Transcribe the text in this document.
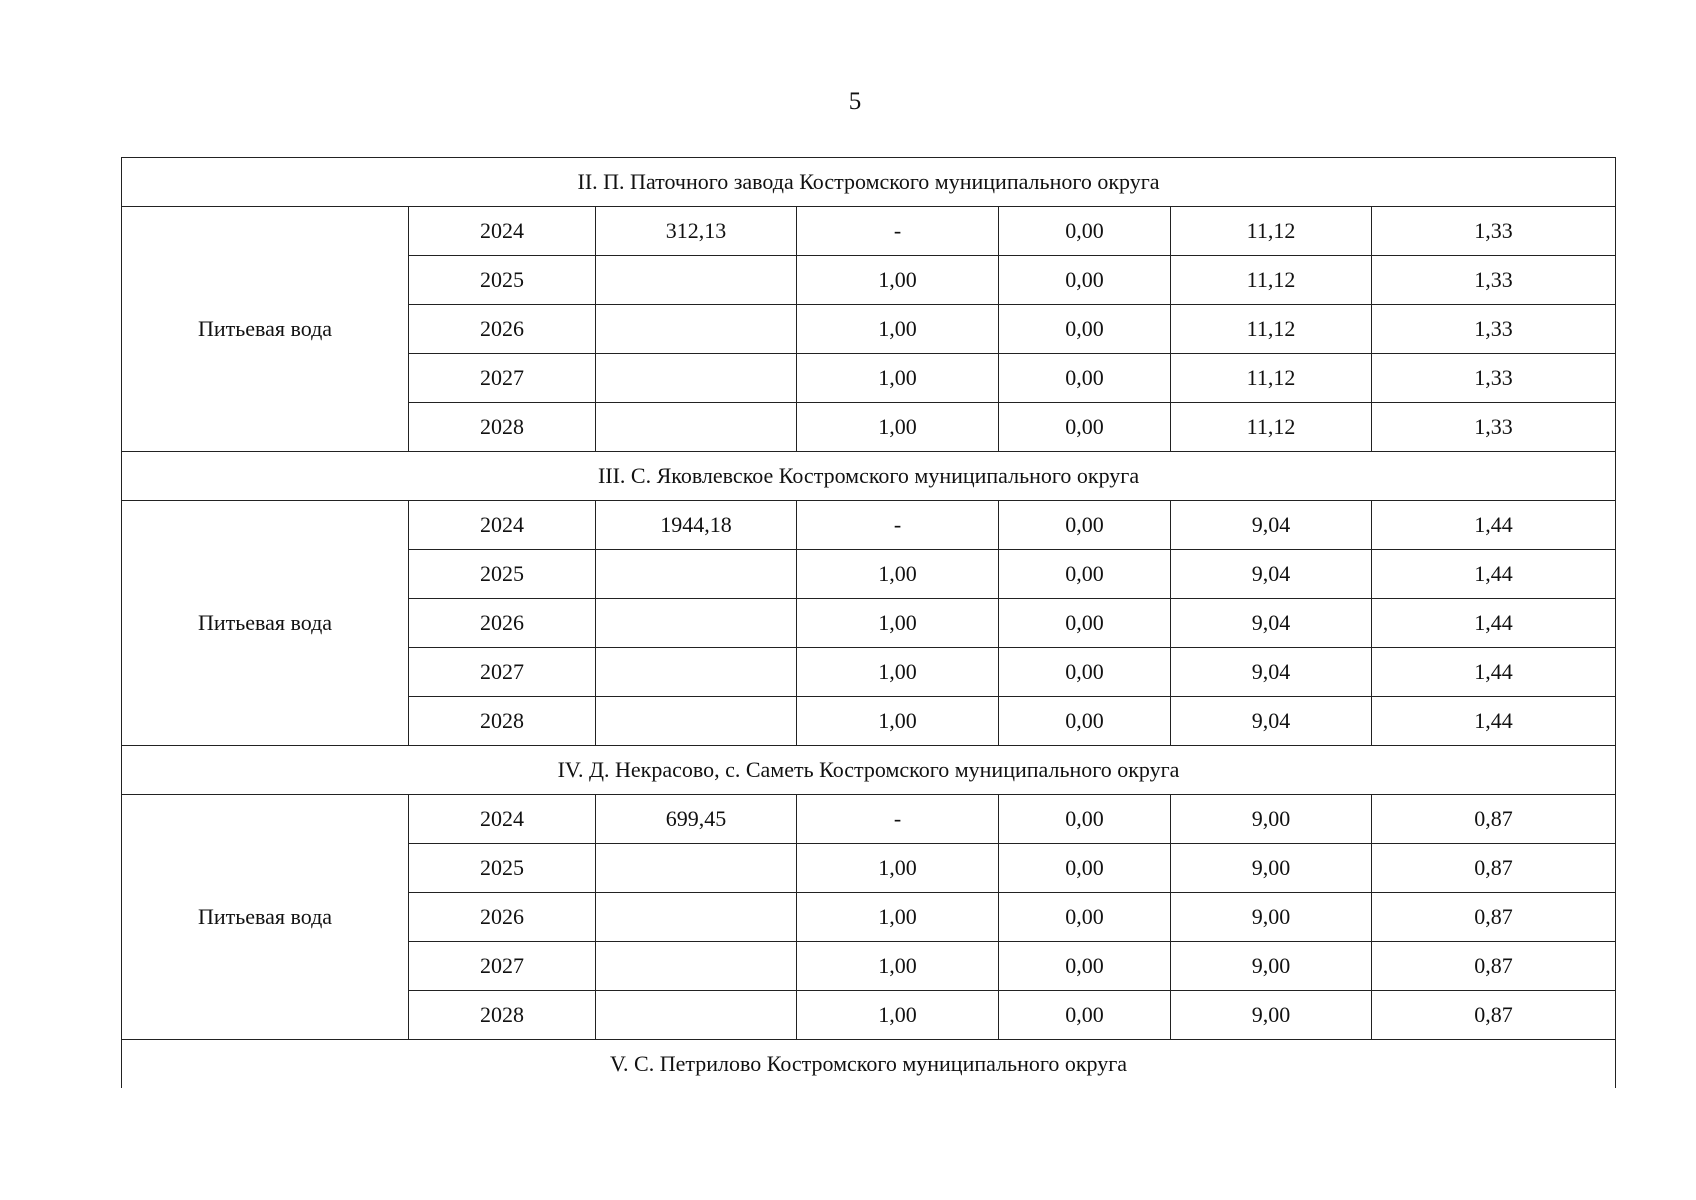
5
II. П. Паточного завода Костромского муниципального округа						
Питьевая вода	2024	312,13	-	0,00	11,12	1,33
	2025		1,00	0,00	11,12	1,33
	2026		1,00	0,00	11,12	1,33
	2027		1,00	0,00	11,12	1,33
	2028		1,00	0,00	11,12	1,33
III. С. Яковлевское Костромского муниципального округа						
Питьевая вода	2024	1944,18	-	0,00	9,04	1,44
	2025		1,00	0,00	9,04	1,44
	2026		1,00	0,00	9,04	1,44
	2027		1,00	0,00	9,04	1,44
	2028		1,00	0,00	9,04	1,44
IV. Д. Некрасово, с. Саметь Костромского муниципального округа						
Питьевая вода	2024	699,45	-	0,00	9,00	0,87
	2025		1,00	0,00	9,00	0,87
	2026		1,00	0,00	9,00	0,87
	2027		1,00	0,00	9,00	0,87
	2028		1,00	0,00	9,00	0,87
V. С. Петрилово Костромского муниципального округа						
